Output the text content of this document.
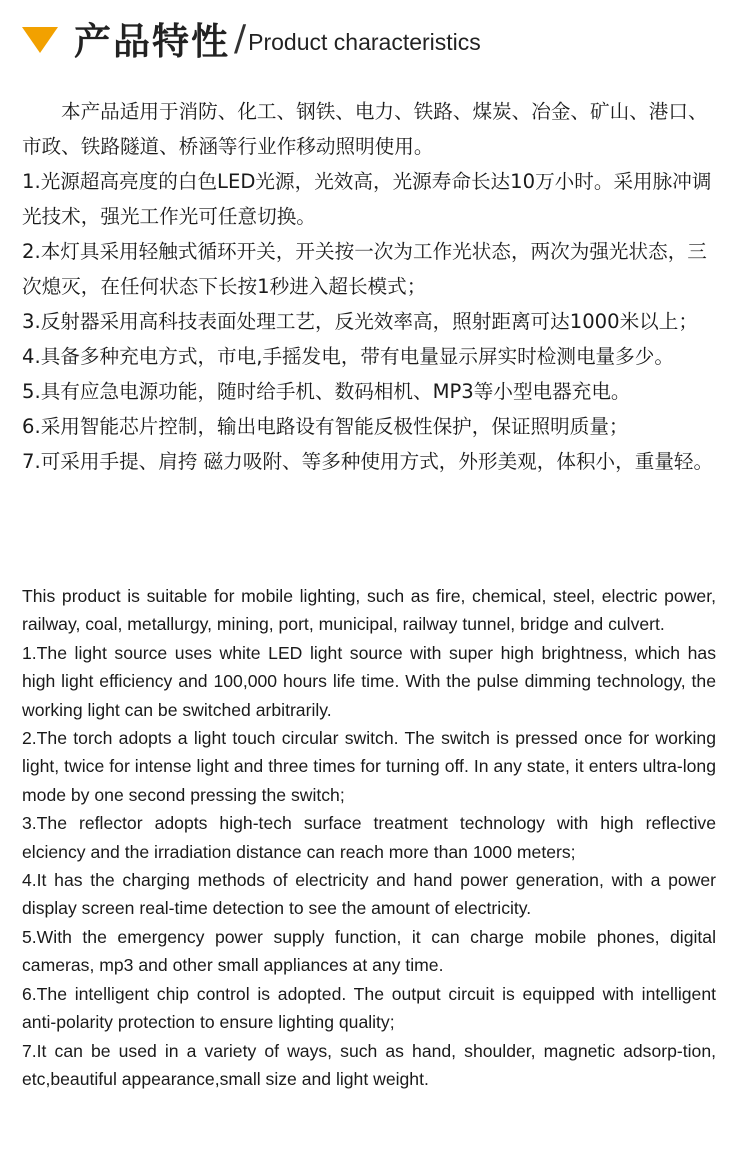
产品特性 / Product characteristics

本产品适用于消防、化工、钢铁、电力、铁路、煤炭、冶金、矿山、港口、市政、铁路隧道、桥涵等行业作移动照明使用。

1.光源超高亮度的白色LED光源，光效高，光源寿命长达10万小时。采用脉冲调光技术，强光工作光可任意切换。

2.本灯具采用轻触式循环开关，开关按一次为工作光状态，两次为强光状态，三次熄灭，在任何状态下长按1秒进入超长模式；

3.反射器采用高科技表面处理工艺，反光效率高，照射距离可达1000米以上；

4.具备多种充电方式，市电,手摇发电，带有电量显示屏实时检测电量多少。

5.具有应急电源功能，随时给手机、数码相机、MP3等小型电器充电。

6.采用智能芯片控制，输出电路设有智能反极性保护，保证照明质量；

7.可采用手提、肩挎 磁力吸附、等多种使用方式，外形美观，体积小，重量轻。

This product is suitable for mobile lighting, such as fire, chemical, steel, electric power, railway, coal, metallurgy, mining, port, municipal, railway tunnel, bridge and culvert.

1.The light source uses white LED light source with super high brightness, which has high light efficiency and 100,000 hours life time. With the pulse dimming technology, the working light can be switched arbitrarily.

2.The torch adopts a light touch circular switch. The switch is pressed once for working light, twice for intense light and three times for turning off. In any state, it enters ultra-long mode by one second pressing the switch;

3.The reflector adopts high-tech surface treatment technology with high reflective elciency and the irradiation distance can reach more than 1000 meters;

4.It has the charging methods of electricity and hand power generation, with a power display screen real-time detection to see the amount of electricity.

5.With the emergency power supply function, it can charge mobile phones, digital cameras, mp3 and other small appliances at any time.

6.The intelligent chip control is adopted. The output circuit is equipped with intelligent anti-polarity protection to ensure lighting quality;

7.It can be used in a variety of ways, such as hand, shoulder, magnetic adsorp-tion, etc,beautiful appearance,small size and light weight.
